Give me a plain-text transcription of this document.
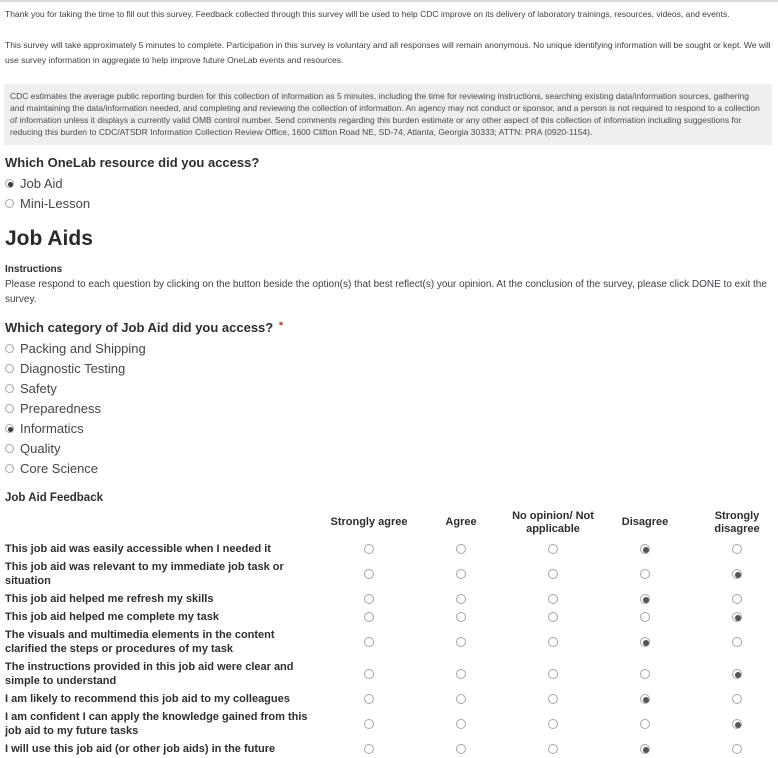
Thank you for taking the time to fill out this survey. Feedback collected through this survey will be used to help CDC improve on its delivery of laboratory trainings, resources, videos, and events.

This survey will take approximately 5 minutes to complete. Participation in this survey is voluntary and all responses will remain anonymous. No unique identifying information will be sought or kept. We will use survey information in aggregate to help improve future OneLab events and resources.

CDC estimates the average public reporting burden for this collection of information as 5 minutes, including the time for reviewing instructions, searching existing data/information sources, gathering and maintaining the data/information needed, and completing and reviewing the collection of information. An agency may not conduct or sponsor, and a person is not required to respond to a collection of information unless it displays a currently valid OMB control number. Send comments regarding this burden estimate or any other aspect of this collection of information including suggestions for reducing this burden to CDC/ATSDR Information Collection Review Office, 1600 Clifton Road NE, SD-74, Atlanta, Georgia 30333; ATTN: PRA (0920-1154).
Which OneLab resource did you access?
Job Aid
Mini-Lesson
Job Aids
Instructions
Please respond to each question by clicking on the button beside the option(s) that best reflect(s) your opinion. At the conclusion of the survey, please click DONE to exit the survey.
Which category of Job Aid did you access? *
Packing and Shipping
Diagnostic Testing
Safety
Preparedness
Informatics
Quality
Core Science
Job Aid Feedback
Strongly agree	Agree
No opinion/ Not applicable
Disagree
Strongly disagree
This job aid was easily accessible when I needed it
This job aid was relevant to my immediate job task or situation
This job aid helped me refresh my skills
This job aid helped me complete my task
The visuals and multimedia elements in the content clarified the steps or procedures of my task
The instructions provided in this job aid were clear and simple to understand
I am likely to recommend this job aid to my colleagues
I am confident I can apply the knowledge gained from this job aid to my future tasks
I will use this job aid (or other job aids) in the future
